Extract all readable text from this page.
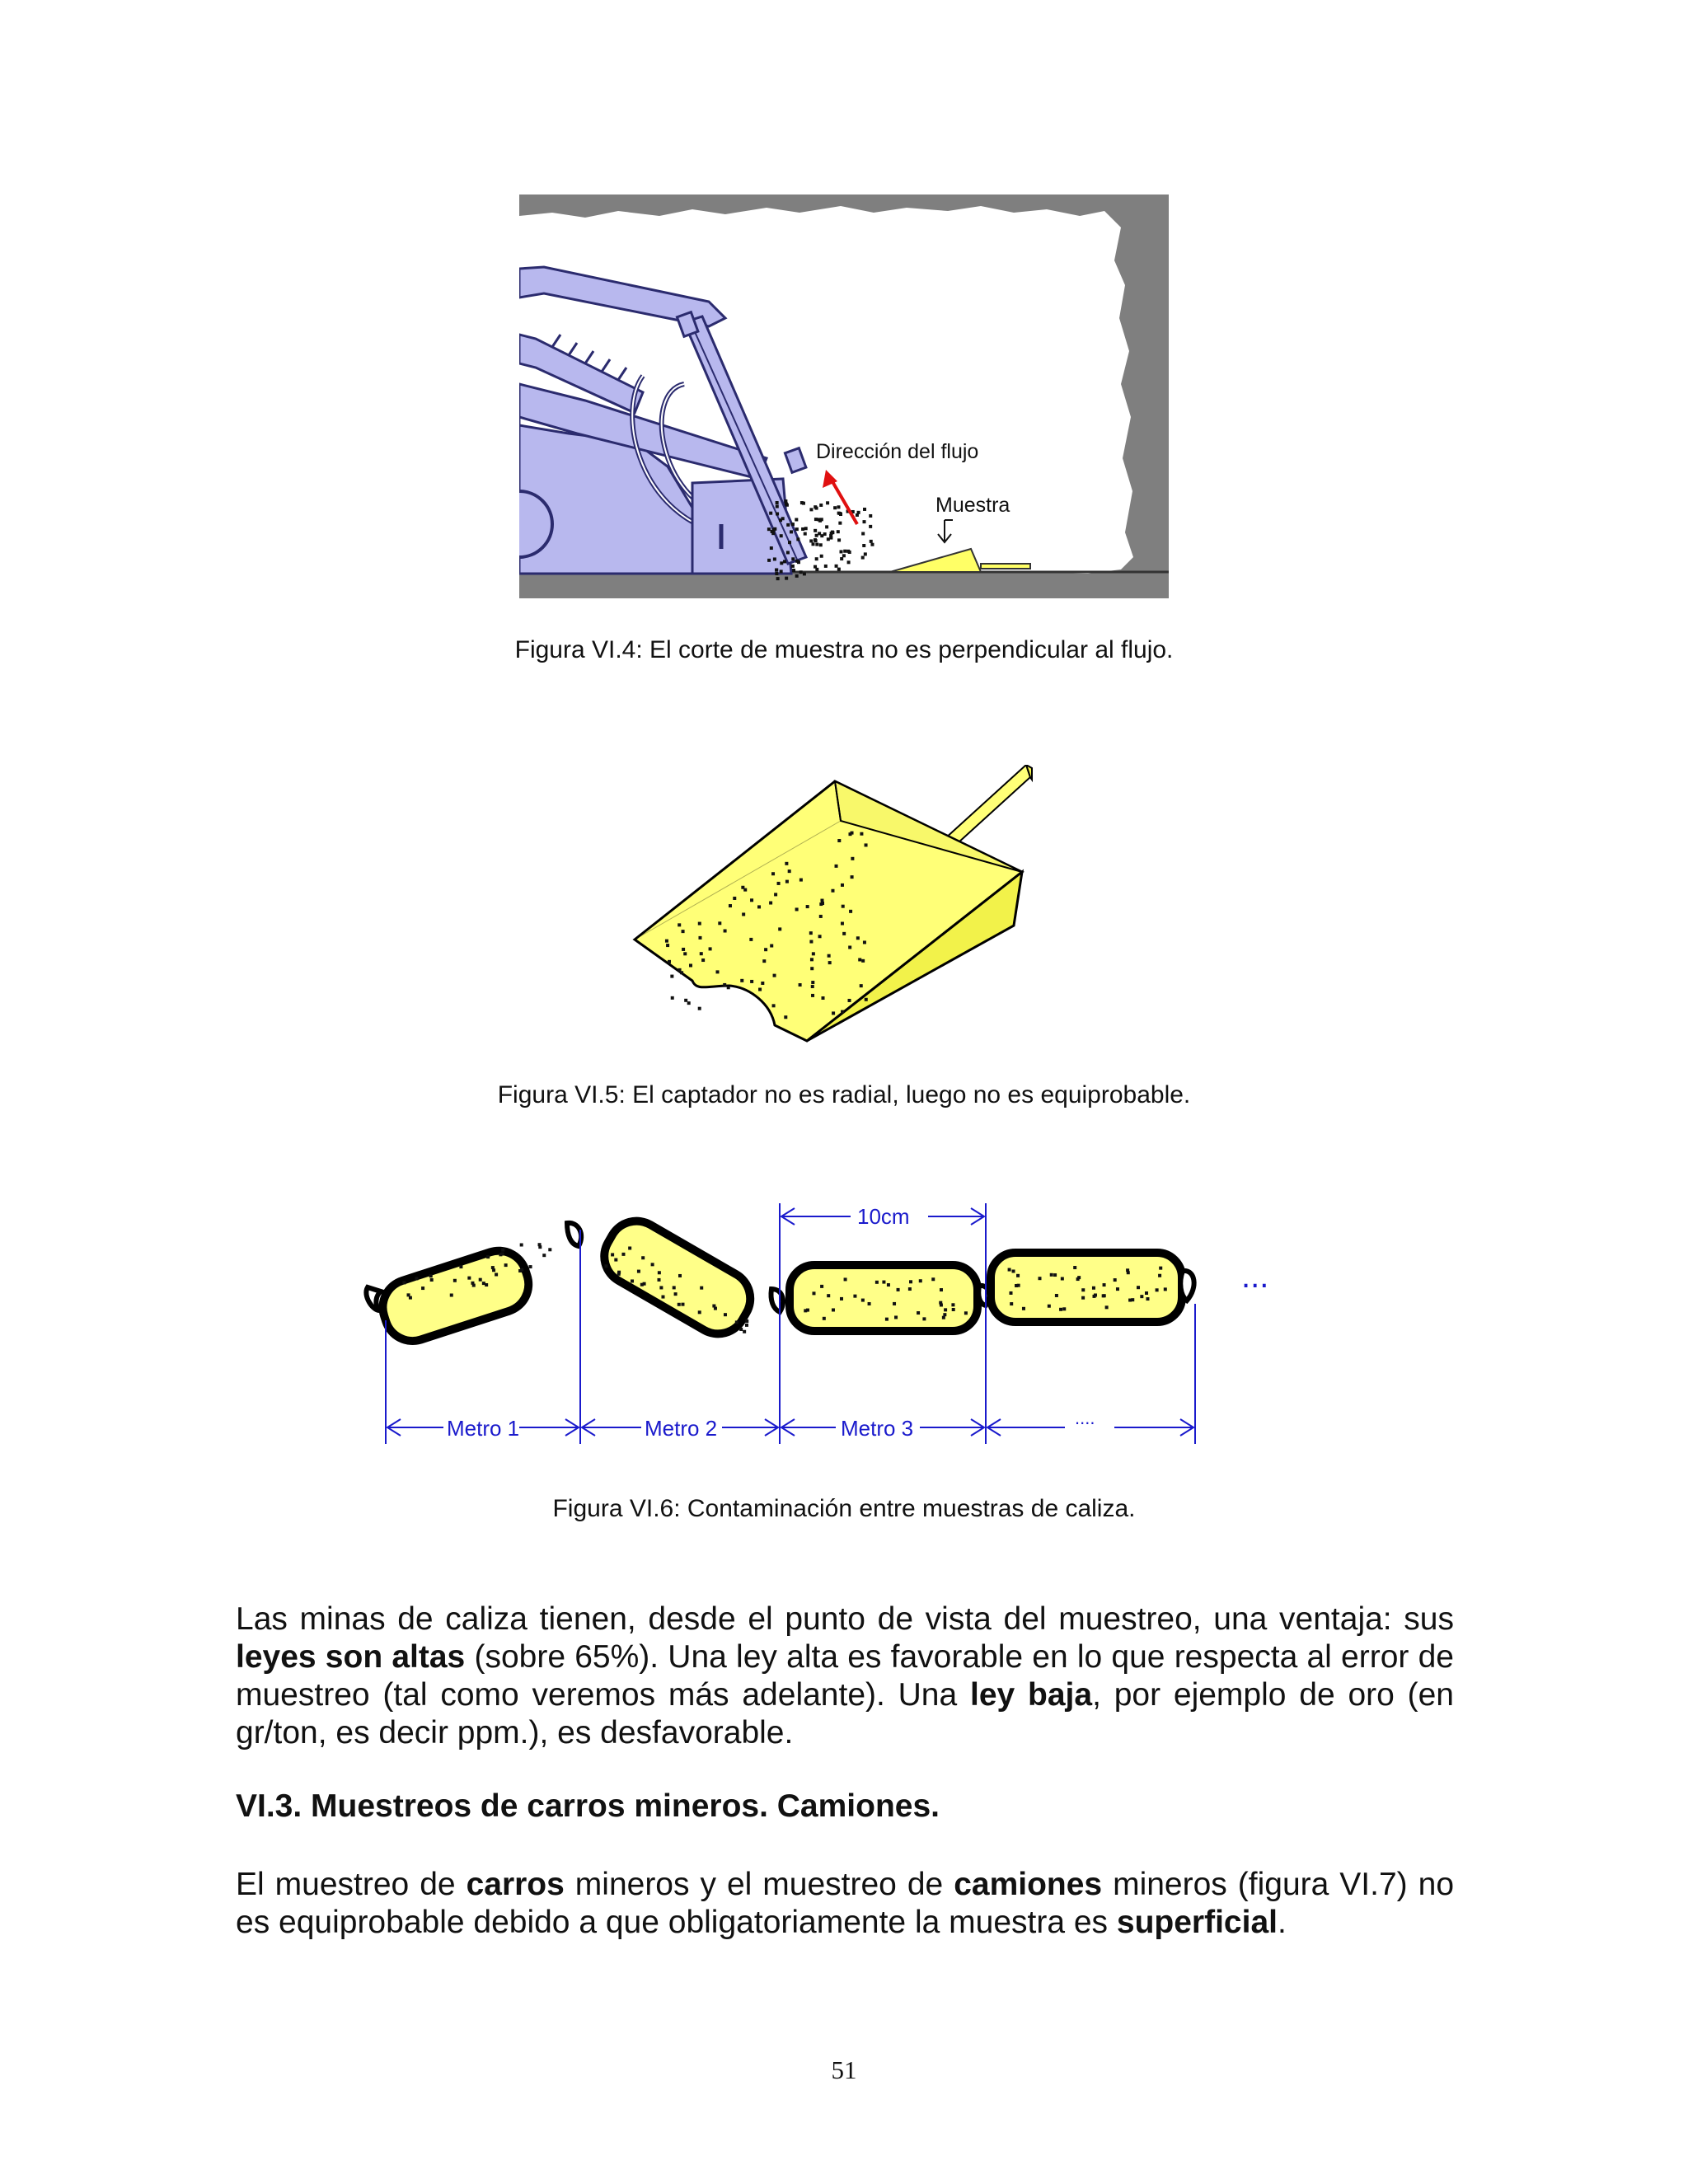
Dirección del flujo
Muestra
Figura VI.4: El corte de muestra no es perpendicular al flujo.
Figura VI.5: El captador no es radial, luego no es equiprobable.
10cm
Metro 1	Metro 2	Metro 3	....
...
Figura VI.6: Contaminación entre muestras de caliza.

Las minas de caliza tienen, desde el punto de vista del muestreo, una ventaja: sus leyes son altas (sobre 65%). Una ley alta es favorable en lo que respecta al error de muestreo (tal como veremos más adelante). Una ley baja, por ejemplo de oro (en gr/ton, es decir ppm.), es desfavorable.

VI.3. Muestreos de carros mineros. Camiones.

El muestreo de carros mineros y el muestreo de camiones mineros (figura VI.7) no es equiprobable debido a que obligatoriamente la muestra es superficial.

51
